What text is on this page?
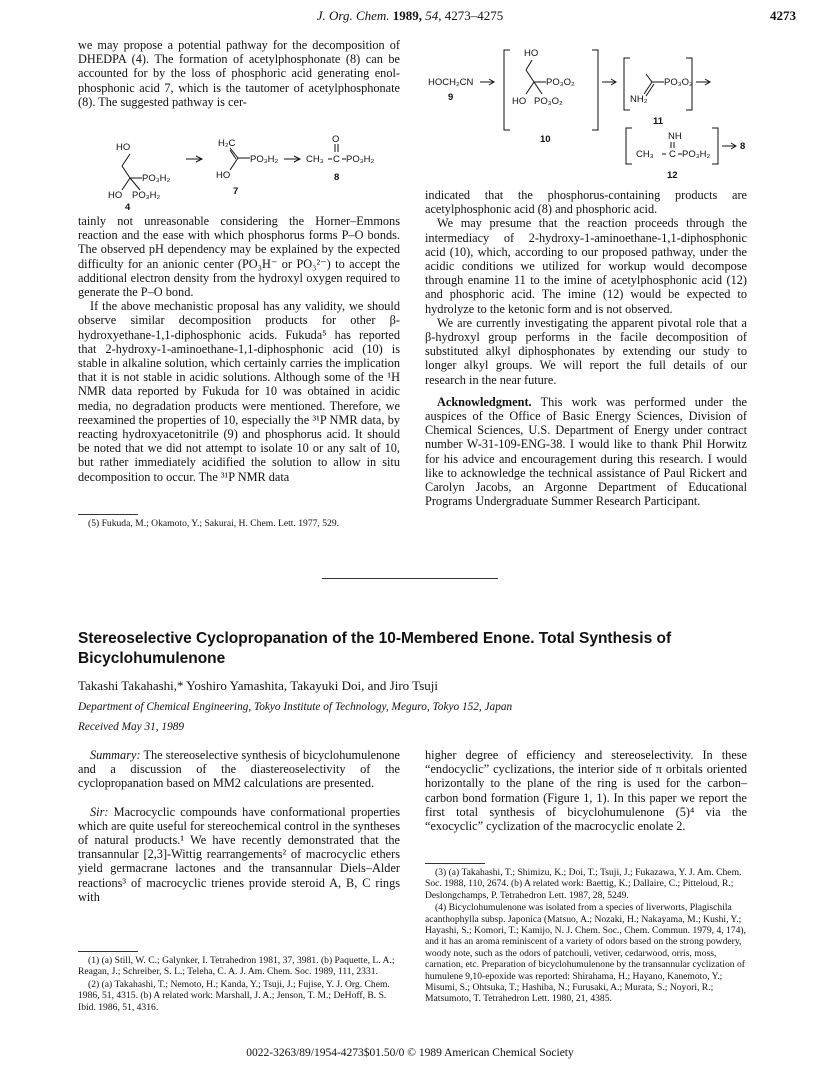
J. Org. Chem. 1989, 54, 4273–4275	4273

we may propose a potential pathway for the decomposition of DHEDPA (4). The formation of acetylphosphonate (8) can be accounted for by the loss of phosphoric acid generating enol-phosphonic acid 7, which is the tautomer of acetylphosphonate (8). The suggested pathway is cer-

HO
PO₃H₂
HO PO₃H₂
4
H₂C
PO₃H₂
HO
7
O
CH₃ C PO₃H₂
8

tainly not unreasonable considering the Horner–Emmons reaction and the ease with which phosphorus forms P–O bonds. The observed pH dependency may be explained by the expected difficulty for an anionic center (PO₃H⁻ or PO₃²⁻) to accept the additional electron density from the hydroxyl oxygen required to generate the P–O bond.

If the above mechanistic proposal has any validity, we should observe similar decomposition products for other β-hydroxyethane-1,1-diphosphonic acids. Fukuda⁵ has reported that 2-hydroxy-1-aminoethane-1,1-diphosphonic acid (10) is stable in alkaline solution, which certainly carries the implication that it is not stable in acidic solutions. Although some of the ¹H NMR data reported by Fukuda for 10 was obtained in acidic media, no degradation products were mentioned. Therefore, we reexamined the properties of 10, especially the ³¹P NMR data, by reacting hydroxyacetonitrile (9) and phosphorus acid. It should be noted that we did not attempt to isolate 10 or any salt of 10, but rather immediately acidified the solution to allow in situ decomposition to occur. The ³¹P NMR data

(5) Fukuda, M.; Okamoto, Y.; Sakurai, H. Chem. Lett. 1977, 529.

HOCH₂CN
9
HO
PO₃O₂
HO PO₃O₂
10
PO₃O₂
NH₂
11
8
NH
CH₃ C PO₃H₂
12

indicated that the phosphorus-containing products are acetylphosphonic acid (8) and phosphoric acid.

We may presume that the reaction proceeds through the intermediacy of 2-hydroxy-1-aminoethane-1,1-diphosphonic acid (10), which, according to our proposed pathway, under the acidic conditions we utilized for workup would decompose through enamine 11 to the imine of acetylphosphonic acid (12) and phosphoric acid. The imine (12) would be expected to hydrolyze to the ketonic form and is not observed.

We are currently investigating the apparent pivotal role that a β-hydroxyl group performs in the facile decomposition of substituted alkyl diphosphonates by extending our study to longer alkyl groups. We will report the full details of our research in the near future.

Acknowledgment. This work was performed under the auspices of the Office of Basic Energy Sciences, Division of Chemical Sciences, U.S. Department of Energy under contract number W-31-109-ENG-38. I would like to thank Phil Horwitz for his advice and encouragement during this research. I would like to acknowledge the technical assistance of Paul Rickert and Carolyn Jacobs, an Argonne Department of Educational Programs Undergraduate Summer Research Participant.

Stereoselective Cyclopropanation of the 10-Membered Enone. Total Synthesis of Bicyclohumulenone
Takashi Takahashi,* Yoshiro Yamashita, Takayuki Doi, and Jiro Tsuji
Department of Chemical Engineering, Tokyo Institute of Technology, Meguro, Tokyo 152, Japan
Received May 31, 1989

Summary: The stereoselective synthesis of bicyclohumulenone and a discussion of the diastereoselectivity of the cyclopropanation based on MM2 calculations are presented.

Sir: Macrocyclic compounds have conformational properties which are quite useful for stereochemical control in the syntheses of natural products.¹ We have recently demonstrated that the transannular [2,3]-Wittig rearrangements² of macrocyclic ethers yield germacrane lactones and the transannular Diels–Alder reactions³ of macrocyclic trienes provide steroid A, B, C rings with

(1) (a) Still, W. C.; Galynker, I. Tetrahedron 1981, 37, 3981. (b) Paquette, L. A.; Reagan, J.; Schreiber, S. L.; Teleha, C. A. J. Am. Chem. Soc. 1989, 111, 2331.

(2) (a) Takahashi, T.; Nemoto, H.; Kanda, Y.; Tsuji, J.; Fujise, Y. J. Org. Chem. 1986, 51, 4315. (b) A related work: Marshall, J. A.; Jenson, T. M.; DeHoff, B. S. Ibid. 1986, 51, 4316.

higher degree of efficiency and stereoselectivity. In these “endocyclic” cyclizations, the interior side of π orbitals oriented horizontally to the plane of the ring is used for the carbon–carbon bond formation (Figure 1, 1). In this paper we report the first total synthesis of bicyclohumulenone (5)⁴ via the “exocyclic” cyclization of the macrocyclic enolate 2.

(3) (a) Takahashi, T.; Shimizu, K.; Doi, T.; Tsuji, J.; Fukazawa, Y. J. Am. Chem. Soc. 1988, 110, 2674. (b) A related work: Baettig, K.; Dallaire, C.; Pitteloud, R.; Deslongchamps, P. Tetrahedron Lett. 1987, 28, 5249.

(4) Bicyclohumulenone was isolated from a species of liverworts, Plagischila acanthophylla subsp. Japonica (Matsuo, A.; Nozaki, H.; Nakayama, M.; Kushi, Y.; Hayashi, S.; Komori, T.; Kamijo, N. J. Chem. Soc., Chem. Commun. 1979, 4, 174), and it has an aroma reminiscent of a variety of odors based on the strong powdery, woody note, such as the odors of patchouli, vetiver, cedarwood, orris, moss, carnation, etc. Preparation of bicyclohumulenone by the transannular cyclization of humulene 9,10-epoxide was reported: Shirahama, H.; Hayano, Kanemoto, Y.; Misumi, S.; Ohtsuka, T.; Hashiba, N.; Furusaki, A.; Murata, S.; Noyori, R.; Matsumoto, T. Tetrahedron Lett. 1980, 21, 4385.

0022-3263/89/1954-4273$01.50/0 © 1989 American Chemical Society
